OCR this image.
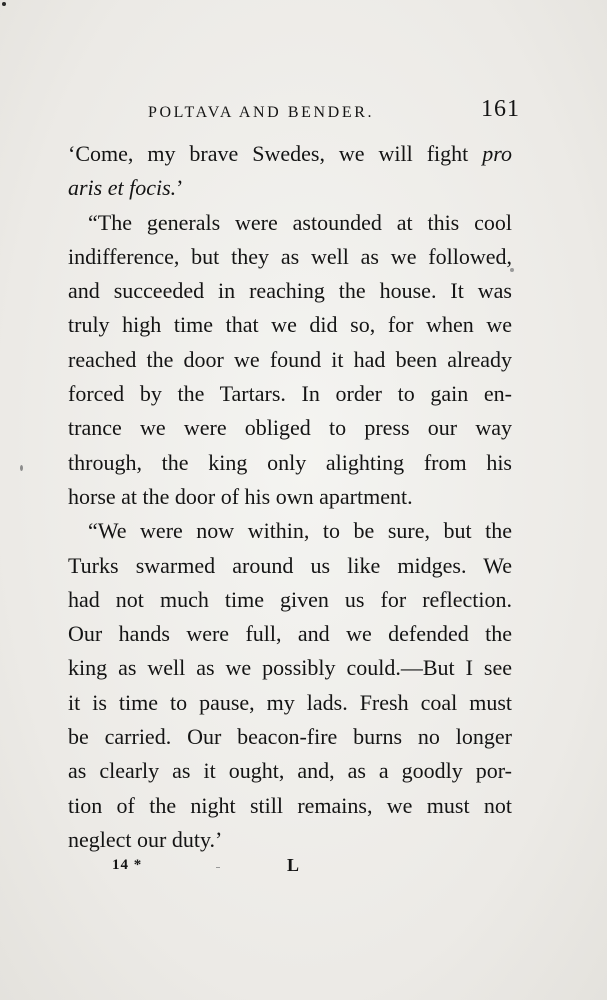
POLTAVA AND BENDER.	161
‘Come, my brave Swedes, we will fight pro
aris et focis.’
“The generals were astounded at this cool
indifference, but they as well as we followed,
and succeeded in reaching the house. It was
truly high time that we did so, for when we
reached the door we found it had been already
forced by the Tartars. In order to gain en-
trance we were obliged to press our way
through, the king only alighting from his
horse at the door of his own apartment.
“We were now within, to be sure, but the
Turks swarmed around us like midges. We
had not much time given us for reflection.
Our hands were full, and we defended the
king as well as we possibly could.—But I see
it is time to pause, my lads. Fresh coal must
be carried. Our beacon-fire burns no longer
as clearly as it ought, and, as a goodly por-
tion of the night still remains, we must not
neglect our duty.’
14 *	L
